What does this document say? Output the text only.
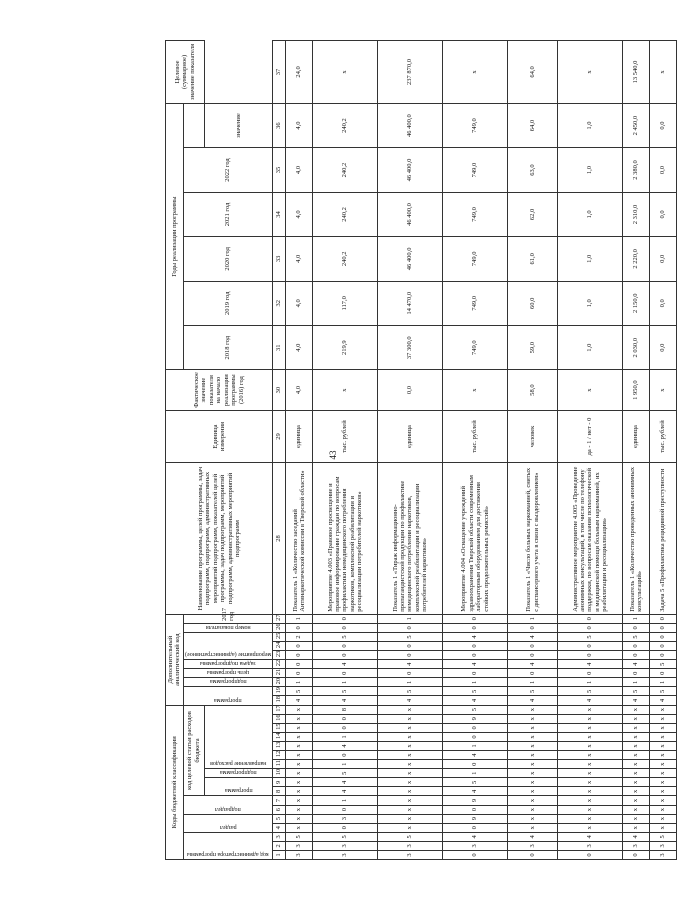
43
Коды бюджетной классификации																	Дополнительный аналитический код										Наименование программы, целей программы, задач подпрограмм, подпрограмм, административных мероприятий подпрограмм, показателей целей программы, задач подпрограмм, мероприятий подпрограмм, административных мероприятий подпрограмм	Единица измерения	Фактическое значение показателя на начало реализации программы (2016) год	Годы реализации программы						Целевое (суммарное) значение показателя

код администратора программы			раздел		подраздел		код целевой статьи расходов бюджета										программа		подпрограмма	цель программы	задача подпрограммы	мероприятие (административное)			номер показателя	2017 год				2018 год	2019 год	2020 год	2021 год	2022 год		

							программа		подпрограмма	направление расходов																									значение	
1	2	3	4	5	6	7	8	9	10	11	12	13	14	15	16	17	18	19	20	21	22	23	24	25	26	27	28	29	30	31	32	33	34	35	36	37
3	3	5	х	х	х	х	х	х	х	х	х	х	х	х	х	х	4	5	1	0	0	0	0	2	0	1	Показатель 1 «Количество заседаний Антинаркотической комиссии в Тверской области»	единица	4,0	4,0	4,0	4,0	4,0	4,0	4,0	24,0
3	3	5	0	3	0	1	4	4	5	1	0	4	1	0	0	8	4	5	1	0	4	0	0	5	0	0	Мероприятие 4.003 «Правовое просвещение и правовое информирование граждан по вопросам профилактики немедицинского потребления наркотиков, комплексной реабилитации и ресоциализации потребителей наркотиков»	тыс. рублей	х	219,9	117,0	240,2	240,2	240,2	240,2	х
3	3	5	х	х	х	х	х	х	х	х	х	х	х	х	х	х	4	5	1	0	4	0	0	5	0	1	Показатель 1 «Тираж информационно-пропагандистской продукции по профилактике немедицинского потребления наркотиков, комплексной реабилитации и ресоциализации потребителей наркотиков»	единица	0,0	37 300,0	14 470,0	46 400,0	46 400,0	46 400,0	46 400,0	237 870,0
0	3	4	0	9	0	9	4	5	1	0	4	1	0	0	9	5	4	5	1	0	4	0	0	4	0	0	Мероприятие 4.004 «Оснащение учреждений здравоохранения Тверской области современным лабораторным оборудованием для достижения стойких продолжительных ремиссий»	тыс. рублей	х	749,0	749,0	749,0	749,0	749,0	749,0	х
0	3	4	х	х	х	х	х	х	х	х	х	х	х	х	х	х	4	5	1	0	4	0	0	4	0	1	Показатель 1 «Число больных наркоманией, снятых с диспансерного учета в связи с выздоровлением»	человек	58,0	59,0	60,0	61,0	62,0	63,0	64,0	64,0
0	3	4	х	х	х	х	х	х	х	х	х	х	х	х	х	х	4	5	1	0	4	0	0	5	0	0	Административное мероприятие 4.005 «Проведение анонимных консультаций, в том числе по телефону поддержки, по вопросам оказания психологической и медицинской помощи больным наркоманией, их реабилитации и ресоциализации»	да - 1 / нет - 0	х	1,0	1,0	1,0	1,0	1,0	1,0	х
0	3	4	х	х	х	х	х	х	х	х	х	х	х	х	х	х	4	5	1	0	4	0	0	5	0	1	Показатель 1 «Количество проведенных анонимных консультаций»	единица	1 950,0	2 030,0	2 150,0	2 220,0	2 310,0	2 380,0	2 450,0	13 540,0
3	3	5	х	х	х	х	х	х	х	х	х	х	х	х	х	х	4	5	1	0	5	0	0	0	0	0	Задача 5 «Профилактика рецидивной преступности	тыс. рублей	х	0,0	0,0	0,0	0,0	0,0	0,0	х
